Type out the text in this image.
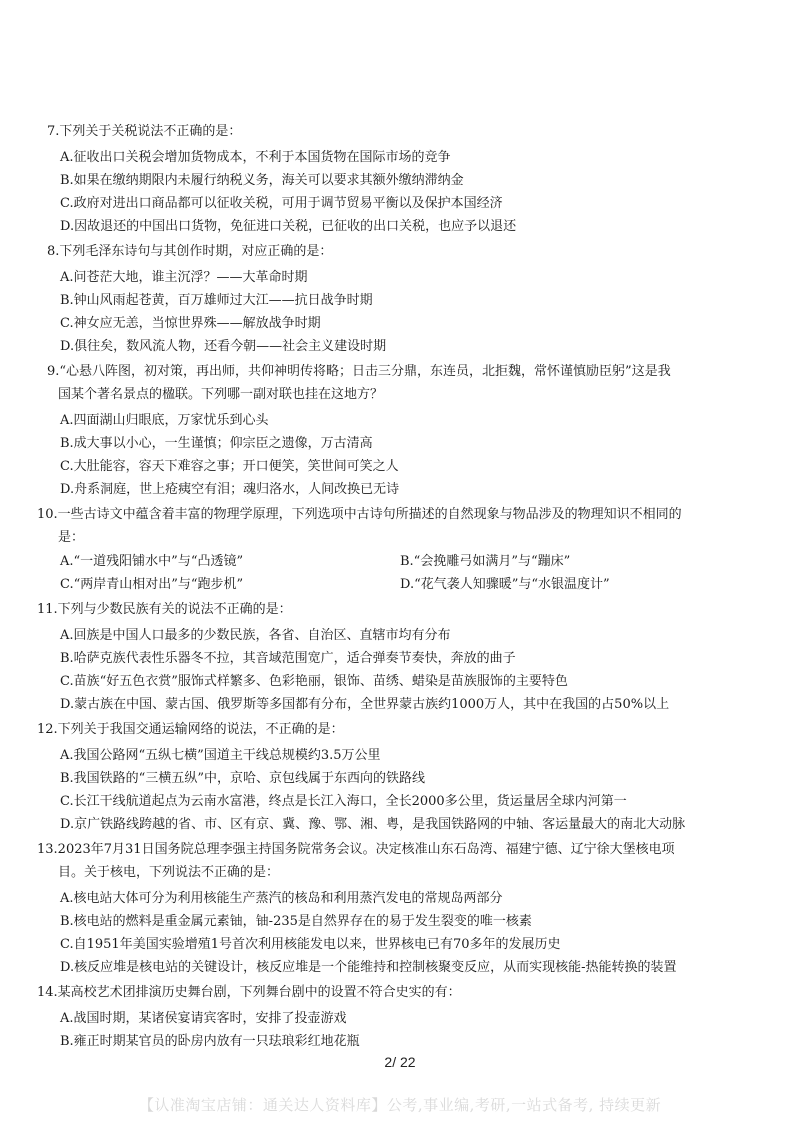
7.下列关于关税说法不正确的是：
A.征收出口关税会增加货物成本，不利于本国货物在国际市场的竞争
B.如果在缴纳期限内未履行纳税义务，海关可以要求其额外缴纳滞纳金
C.政府对进出口商品都可以征收关税，可用于调节贸易平衡以及保护本国经济
D.因故退还的中国出口货物，免征进口关税，已征收的出口关税，也应予以退还
8.下列毛泽东诗句与其创作时期，对应正确的是：
A.问苍茫大地，谁主沉浮？——大革命时期
B.钟山风雨起苍黄，百万雄师过大江——抗日战争时期
C.神女应无恙，当惊世界殊——解放战争时期
D.俱往矣，数风流人物，还看今朝——社会主义建设时期
9.“心悬八阵图，初对策，再出师，共仰神明传将略；日击三分鼎，东连员，北拒魏，常怀谨慎励臣躬”这是我
国某个著名景点的楹联。下列哪一副对联也挂在这地方？
A.四面湖山归眼底，万家忧乐到心头
B.成大事以小心，一生谨慎；仰宗臣之遗像，万古清高
C.大肚能容，容天下难容之事；开口便笑，笑世间可笑之人
D.舟系洞庭，世上疮痍空有泪；魂归洛水，人间改换已无诗
10.一些古诗文中蕴含着丰富的物理学原理，下列选项中古诗句所描述的自然现象与物品涉及的物理知识不相同的
是：
A.“一道残阳铺水中”与“凸透镜”	B.“会挽雕弓如满月”与“蹦床”
C.“两岸青山相对出”与“跑步机”	D.“花气袭人知骤暖”与“水银温度计”
11.下列与少数民族有关的说法不正确的是：
A.回族是中国人口最多的少数民族，各省、自治区、直辖市均有分布
B.哈萨克族代表性乐器冬不拉，其音域范围宽广，适合弹奏节奏快，奔放的曲子
C.苗族“好五色衣赏”服饰式样繁多、色彩艳丽，银饰、苗绣、蜡染是苗族服饰的主要特色
D.蒙古族在中国、蒙古国、俄罗斯等多国都有分布，全世界蒙古族约1000万人，其中在我国的占50%以上
12.下列关于我国交通运输网络的说法，不正确的是：
A.我国公路网“五纵七横”国道主干线总规模约3.5万公里
B.我国铁路的“三横五纵”中，京哈、京包线属于东西向的铁路线
C.长江干线航道起点为云南水富港，终点是长江入海口，全长2000多公里，货运量居全球内河第一
D.京广铁路线跨越的省、市、区有京、冀、豫、鄂、湘、粤，是我国铁路网的中轴、客运量最大的南北大动脉
13.2023年7月31日国务院总理李强主持国务院常务会议。决定核准山东石岛湾、福建宁德、辽宁徐大堡核电项
目。关于核电，下列说法不正确的是：
A.核电站大体可分为利用核能生产蒸汽的核岛和利用蒸汽发电的常规岛两部分
B.核电站的燃料是重金属元素铀，铀-235是自然界存在的易于发生裂变的唯一核素
C.自1951年美国实验增殖1号首次利用核能发电以来，世界核电已有70多年的发展历史
D.核反应堆是核电站的关键设计，核反应堆是一个能维持和控制核聚变反应，从而实现核能-热能转换的装置
14.某高校艺术团排演历史舞台剧，下列舞台剧中的设置不符合史实的有：
A.战国时期，某诸侯宴请宾客时，安排了投壶游戏
B.雍正时期某官员的卧房内放有一只珐琅彩红地花瓶
2/ 22
【认准淘宝店铺：通关达人资料库】公考,事业编,考研,一站式备考, 持续更新
